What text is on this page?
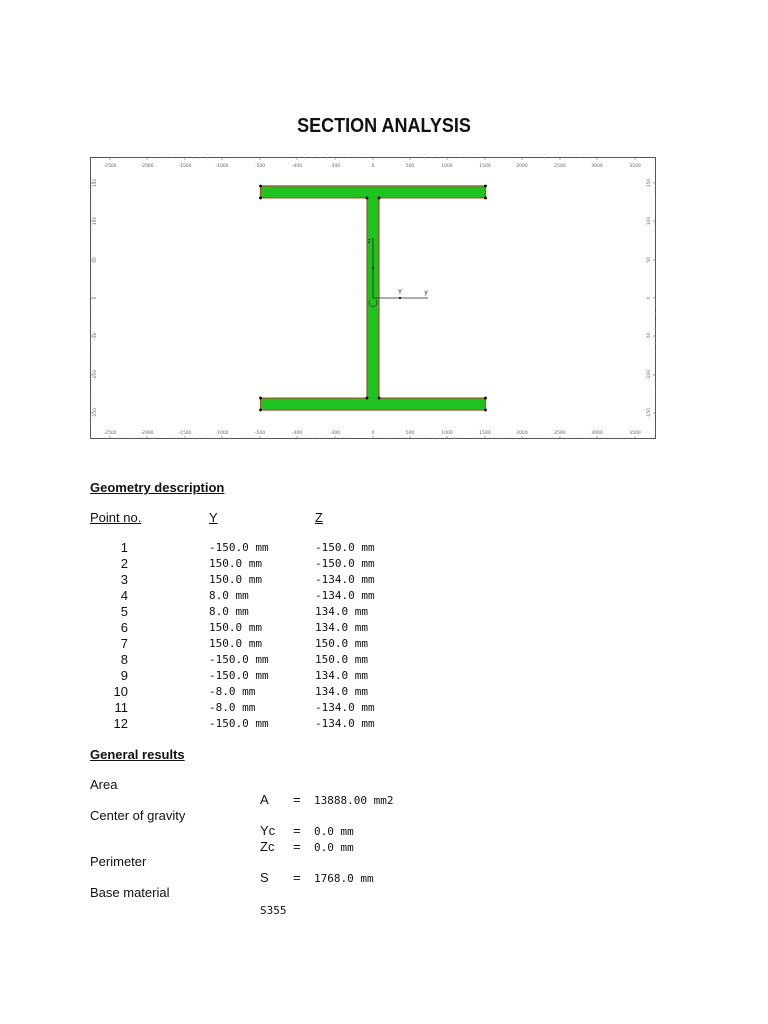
SECTION ANALYSIS
-2500	-2000	-1500	-1000	-500	-400	-300	0	500	1000	1500	2000	2500	3000	3500
-2500	-2000	-1500	-1000	-500	-400	-300	0	500	1000	1500	2000	2500	3000	3500
150
100
50
0
-50
-100
-150
150
100
50
0
-50
-100
-150
Y	y
Z
Geometry description
Point no.	Y	Z
1	-150.0 mm	-150.0 mm
2	150.0 mm	-150.0 mm
3	150.0 mm	-134.0 mm
4	8.0 mm	-134.0 mm
5	8.0 mm	134.0 mm
6	150.0 mm	134.0 mm
7	150.0 mm	150.0 mm
8	-150.0 mm	150.0 mm
9	-150.0 mm	134.0 mm
10	-8.0 mm	134.0 mm
11	-8.0 mm	-134.0 mm
12	-150.0 mm	-134.0 mm
General results
Area
A = 13888.00 mm2
Center of gravity
Yc = 0.0 mm
Zc = 0.0 mm
Perimeter
S = 1768.0 mm
Base material
S355
